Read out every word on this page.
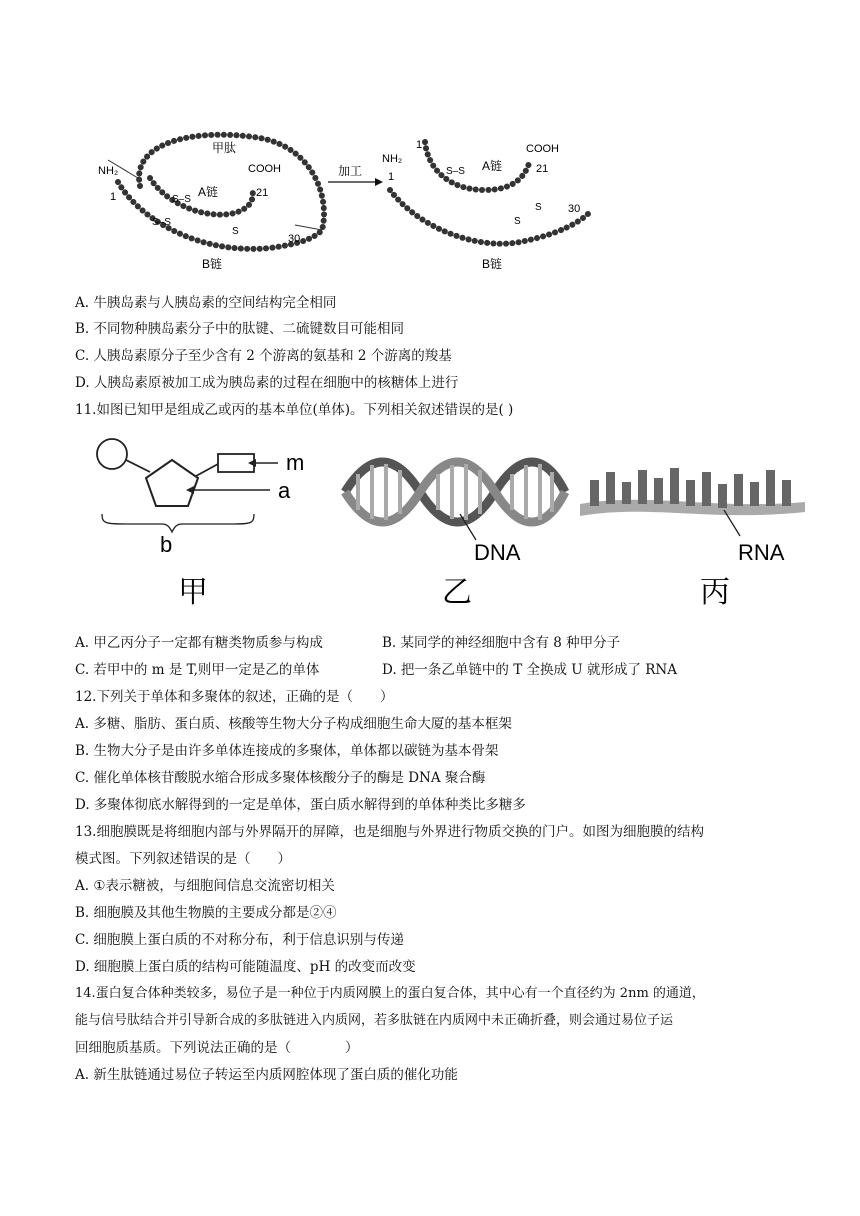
NH₂
1
甲肽
COOH
A链	21
S–S
S–S
S
30
B链
加工
1
NH₂
1
COOH
A链	21
S–S
S
S
30
B链
A. 牛胰岛素与人胰岛素的空间结构完全相同
B. 不同物种胰岛素分子中的肽键、二硫键数目可能相同
C. 人胰岛素原分子至少含有 2 个游离的氨基和 2 个游离的羧基
D. 人胰岛素原被加工成为胰岛素的过程在细胞中的核糖体上进行
11.如图已知甲是组成乙或丙的基本单位(单体)。下列相关叙述错误的是( )
m
a
b	DNA	RNA
甲	乙	丙
A. 甲乙丙分子一定都有糖类物质参与构成	B. 某同学的神经细胞中含有 8 种甲分子
C. 若甲中的 m 是 T,则甲一定是乙的单体	D. 把一条乙单链中的 T 全换成 U 就形成了 RNA
12.下列关于单体和多聚体的叙述，正确的是（　　）
A. 多糖、脂肪、蛋白质、核酸等生物大分子构成细胞生命大厦的基本框架
B. 生物大分子是由许多单体连接成的多聚体，单体都以碳链为基本骨架
C. 催化单体核苷酸脱水缩合形成多聚体核酸分子的酶是 DNA 聚合酶
D. 多聚体彻底水解得到的一定是单体，蛋白质水解得到的单体种类比多糖多
13.细胞膜既是将细胞内部与外界隔开的屏障，也是细胞与外界进行物质交换的门户。如图为细胞膜的结构
模式图。下列叙述错误的是（　　）
A. ①表示糖被，与细胞间信息交流密切相关
B. 细胞膜及其他生物膜的主要成分都是②④
C. 细胞膜上蛋白质的不对称分布，利于信息识别与传递
D. 细胞膜上蛋白质的结构可能随温度、pH 的改变而改变
14.蛋白复合体种类较多，易位子是一种位于内质网膜上的蛋白复合体，其中心有一个直径约为 2nm 的通道，
能与信号肽结合并引导新合成的多肽链进入内质网，若多肽链在内质网中未正确折叠，则会通过易位子运
回细胞质基质。下列说法正确的是（　　　　）
A. 新生肽链通过易位子转运至内质网腔体现了蛋白质的催化功能
